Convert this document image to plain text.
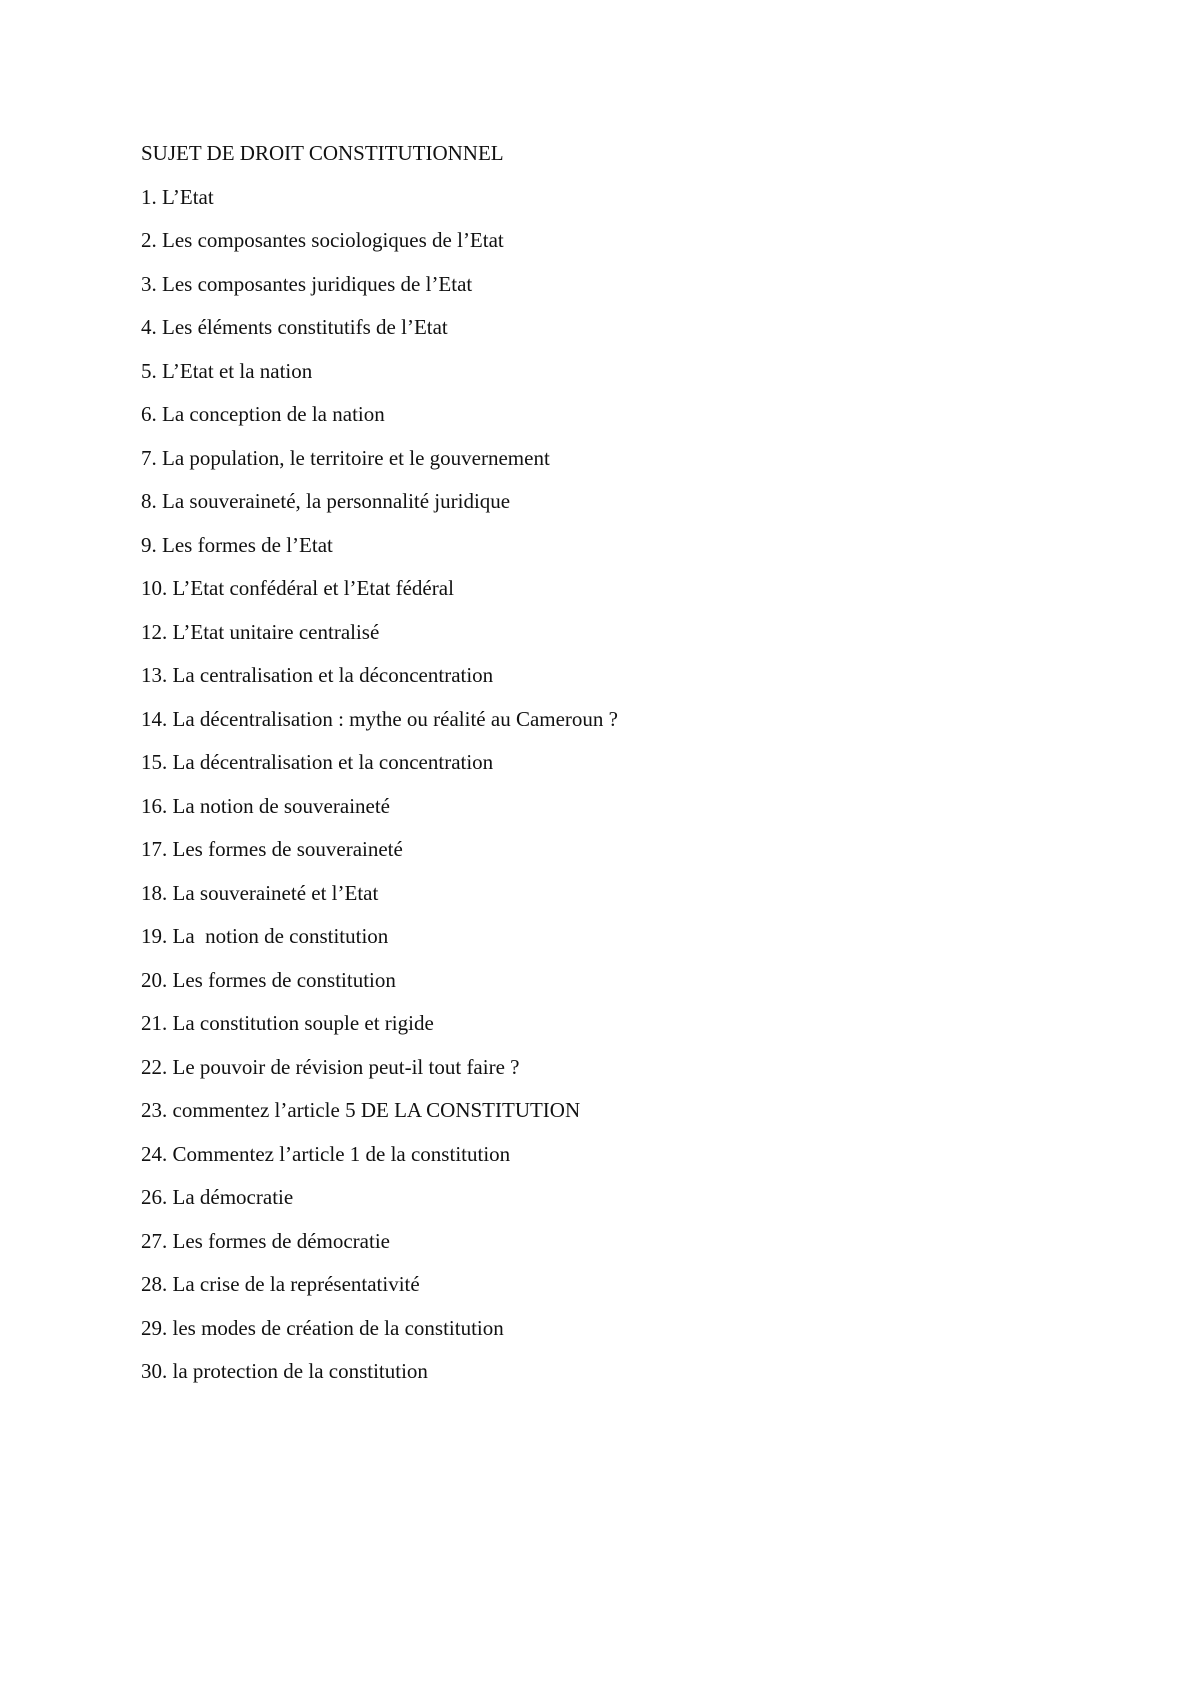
SUJET DE DROIT CONSTITUTIONNEL

1. L’Etat

2. Les composantes sociologiques de l’Etat

3. Les composantes juridiques de l’Etat

4. Les éléments constitutifs de l’Etat

5. L’Etat et la nation

6. La conception de la nation

7. La population, le territoire et le gouvernement

8. La souveraineté, la personnalité juridique

9. Les formes de l’Etat

10. L’Etat confédéral et l’Etat fédéral

12. L’Etat unitaire centralisé

13. La centralisation et la déconcentration

14. La décentralisation : mythe ou réalité au Cameroun ?

15. La décentralisation et la concentration

16. La notion de souveraineté

17. Les formes de souveraineté

18. La souveraineté et l’Etat

19. La  notion de constitution

20. Les formes de constitution

21. La constitution souple et rigide

22. Le pouvoir de révision peut-il tout faire ?

23. commentez l’article 5 DE LA CONSTITUTION

24. Commentez l’article 1 de la constitution

26. La démocratie

27. Les formes de démocratie

28. La crise de la représentativité

29. les modes de création de la constitution

30. la protection de la constitution
